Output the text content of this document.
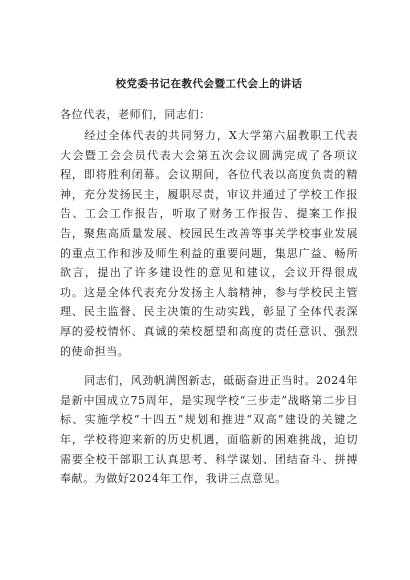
校党委书记在教代会暨工代会上的讲话
各位代表，老师们，同志们：

经过全体代表的共同努力，X大学第六届教职工代表大会暨工会会员代表大会第五次会议圆满完成了各项议程，即将胜利闭幕。会议期间，各位代表以高度负责的精神，充分发扬民主，履职尽责，审议并通过了学校工作报告、工会工作报告，听取了财务工作报告、提案工作报告，聚焦高质量发展、校园民生改善等事关学校事业发展的重点工作和涉及师生利益的重要问题，集思广益、畅所欲言，提出了许多建设性的意见和建议，会议开得很成功。这是全体代表充分发扬主人翁精神，参与学校民主管理、民主监督、民主决策的生动实践，彰显了全体代表深厚的爱校情怀、真诚的荣校愿望和高度的责任意识、强烈的使命担当。

同志们，风劲帆满图新志，砥砺奋进正当时。2024年是新中国成立75周年，是实现学校“三步走”战略第二步目标、实施学校“十四五”规划和推进“双高”建设的关键之年，学校将迎来新的历史机遇，面临新的困难挑战，迫切需要全校干部职工认真思考、科学谋划、团结奋斗、拼搏奉献。为做好2024年工作，我讲三点意见。
